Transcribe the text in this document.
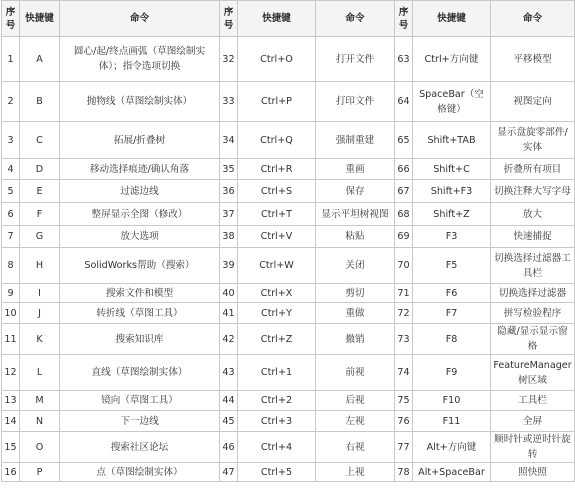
序号	快捷键	命令	序号	快捷键	命令	序号	快捷键	命令
1	A	圆心/起/终点画弧（草图绘制实体）；指令选项切换	32	Ctrl+O	打开文件	63	Ctrl+方向键	平移模型
2	B	抛物线（草图绘制实体）	33	Ctrl+P	打印文件	64	SpaceBar（空格键）	视图定向
3	C	拓展/折叠树	34	Ctrl+Q	强制重建	65	Shift+TAB	显示盘旋零部件/实体
4	D	移动选择痕迹/确认角落	35	Ctrl+R	重画	66	Shift+C	折叠所有项目
5	E	过滤边线	36	Ctrl+S	保存	67	Shift+F3	切换注释大写字母
6	F	整屏显示全图（修改）	37	Ctrl+T	显示平坦树视图	68	Shift+Z	放大
7	G	放大选项	38	Ctrl+V	粘贴	69	F3	快速捕捉
8	H	SolidWorks帮助（搜索）	39	Ctrl+W	关闭	70	F5	切换选择过滤器工具栏
9	I	搜索文件和模型	40	Ctrl+X	剪切	71	F6	切换选择过滤器
10	J	转折线（草图工具）	41	Ctrl+Y	重做	72	F7	拼写检验程序
11	K	搜索知识库	42	Ctrl+Z	撤销	73	F8	隐藏/显示显示窗格
12	L	直线（草图绘制实体）	43	Ctrl+1	前视	74	F9	FeatureManager树区域
13	M	镜向（草图工具）	44	Ctrl+2	后视	75	F10	工具栏
14	N	下一边线	45	Ctrl+3	左视	76	F11	全屏
15	O	搜索社区论坛	46	Ctrl+4	右视	77	Alt+方向键	顺时针或逆时针旋转
16	P	点（草图绘制实体）	47	Ctrl+5	上视	78	Alt+SpaceBar	照快照
